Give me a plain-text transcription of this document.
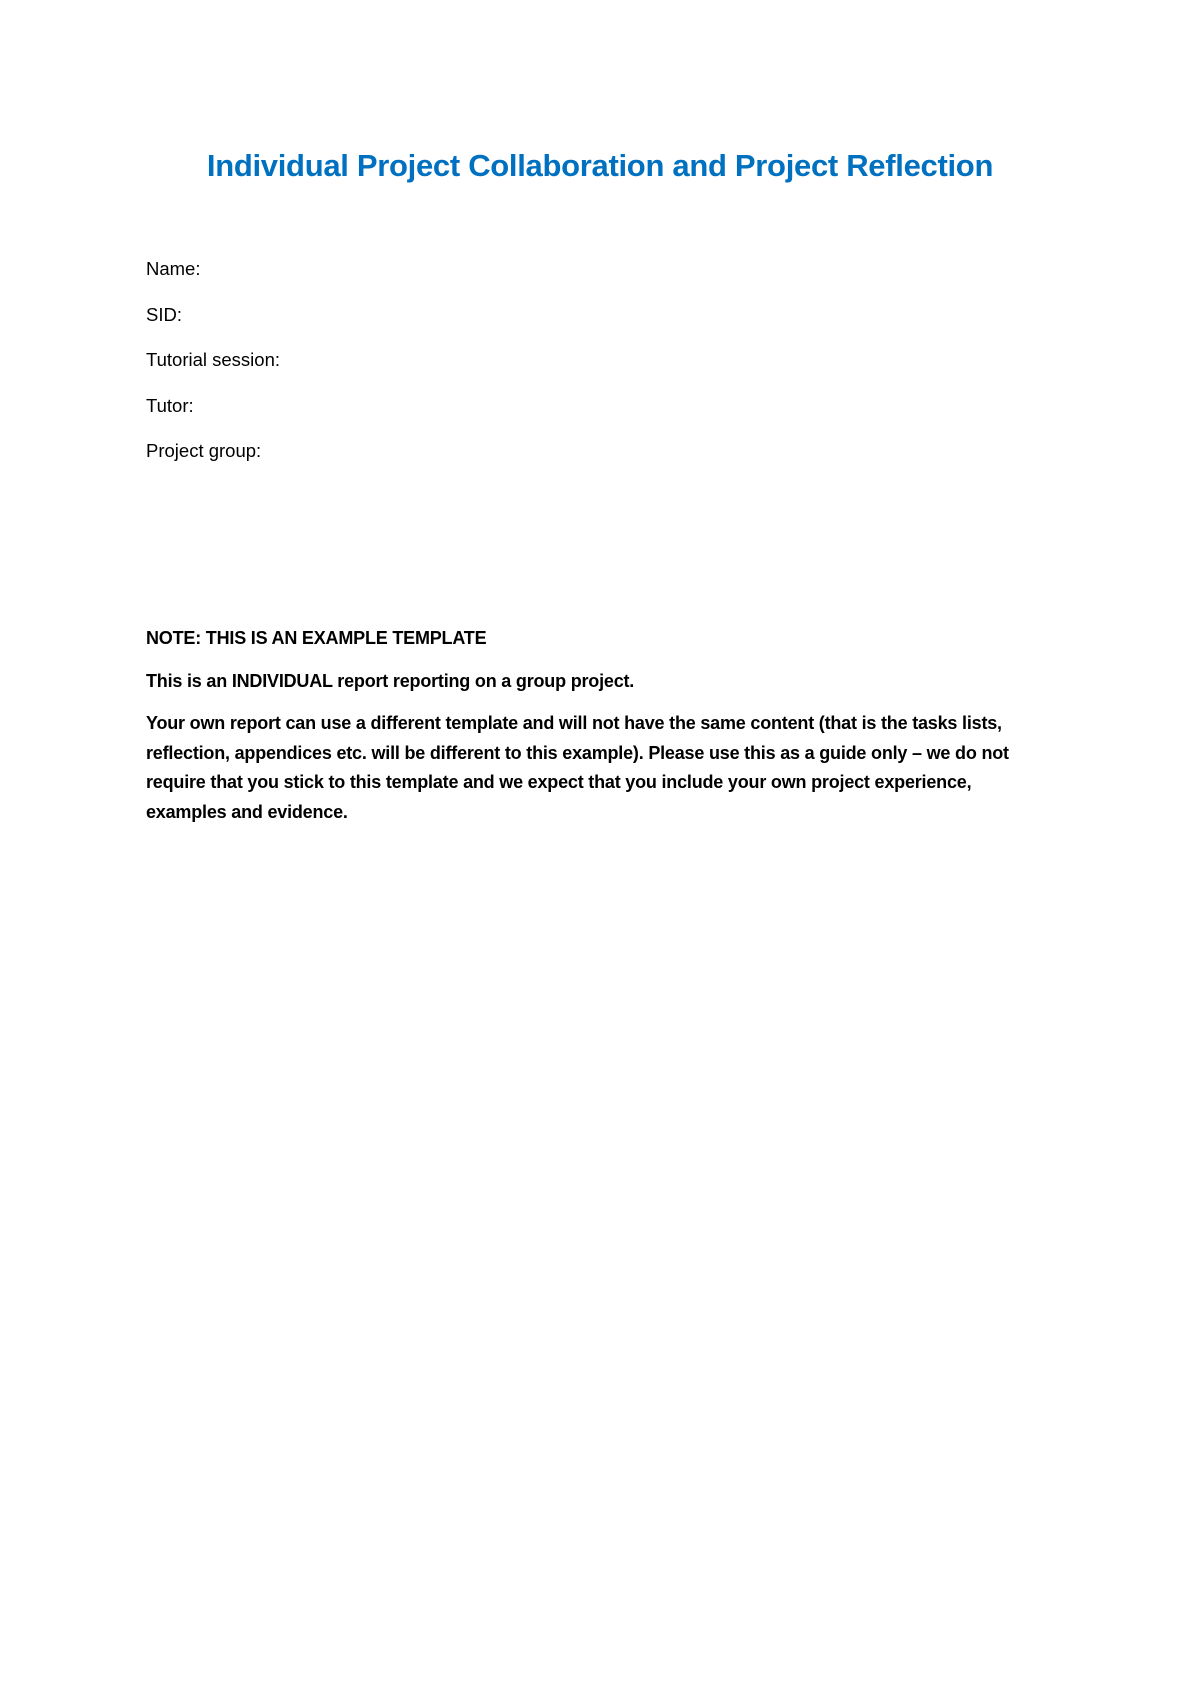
Individual Project Collaboration and Project Reflection

Name:

SID:

Tutorial session:

Tutor:

Project group:

NOTE: THIS IS AN EXAMPLE TEMPLATE

This is an INDIVIDUAL report reporting on a group project.

Your own report can use a different template and will not have the same content (that is the tasks lists, reflection, appendices etc. will be different to this example). Please use this as a guide only – we do not require that you stick to this template and we expect that you include your own project experience, examples and evidence.
